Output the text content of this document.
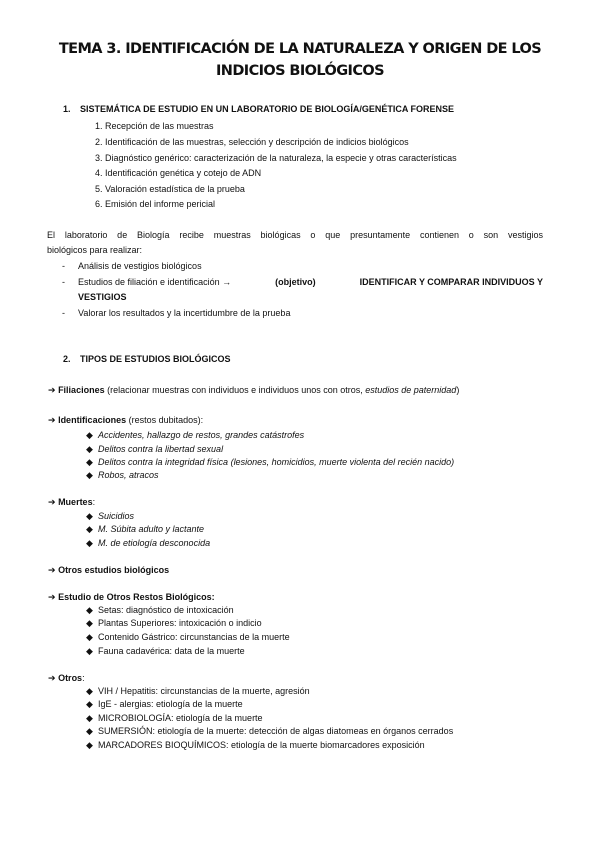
TEMA 3. IDENTIFICACIÓN DE LA NATURALEZA Y ORIGEN DE LOS
INDICIOS BIOLÓGICOS
1. SISTEMÁTICA DE ESTUDIO EN UN LABORATORIO DE BIOLOGÍA/GENÉTICA FORENSE
1. Recepción de las muestras
2. Identificación de las muestras, selección y descripción de indicios biológicos
3. Diagnóstico genérico: caracterización de la naturaleza, la especie y otras características
4. Identificación genética y cotejo de ADN
5. Valoración estadística de la prueba
6. Emisión del informe pericial
El laboratorio de Biología recibe muestras biológicas o que presuntamente contienen o son vestigios
biológicos para realizar:
- Análisis de vestigios biológicos
- Estudios de filiación e identificación →	(objetivo)	IDENTIFICAR Y COMPARAR INDIVIDUOS Y
VESTIGIOS
- Valorar los resultados y la incertidumbre de la prueba
2. TIPOS DE ESTUDIOS BIOLÓGICOS
➔ Filiaciones (relacionar muestras con individuos e individuos unos con otros, estudios de paternidad)
➔ Identificaciones (restos dubitados):
◆ Accidentes, hallazgo de restos, grandes catástrofes
◆ Delitos contra la libertad sexual
◆ Delitos contra la integridad física (lesiones, homicidios, muerte violenta del recién nacido)
◆ Robos, atracos
➔ Muertes:
◆ Suicidios
◆ M. Súbita adulto y lactante
◆ M. de etiología desconocida
➔ Otros estudios biológicos
➔ Estudio de Otros Restos Biológicos:
◆ Setas: diagnóstico de intoxicación
◆ Plantas Superiores: intoxicación o indicio
◆ Contenido Gástrico: circunstancias de la muerte
◆ Fauna cadavérica: data de la muerte
➔ Otros:
◆ VIH / Hepatitis: circunstancias de la muerte, agresión
◆ IgE - alergias: etiología de la muerte
◆ MICROBIOLOGÍA: etiología de la muerte
◆ SUMERSIÓN: etiología de la muerte: detección de algas diatomeas en órganos cerrados
◆ MARCADORES BIOQUÍMICOS: etiología de la muerte biomarcadores exposición
